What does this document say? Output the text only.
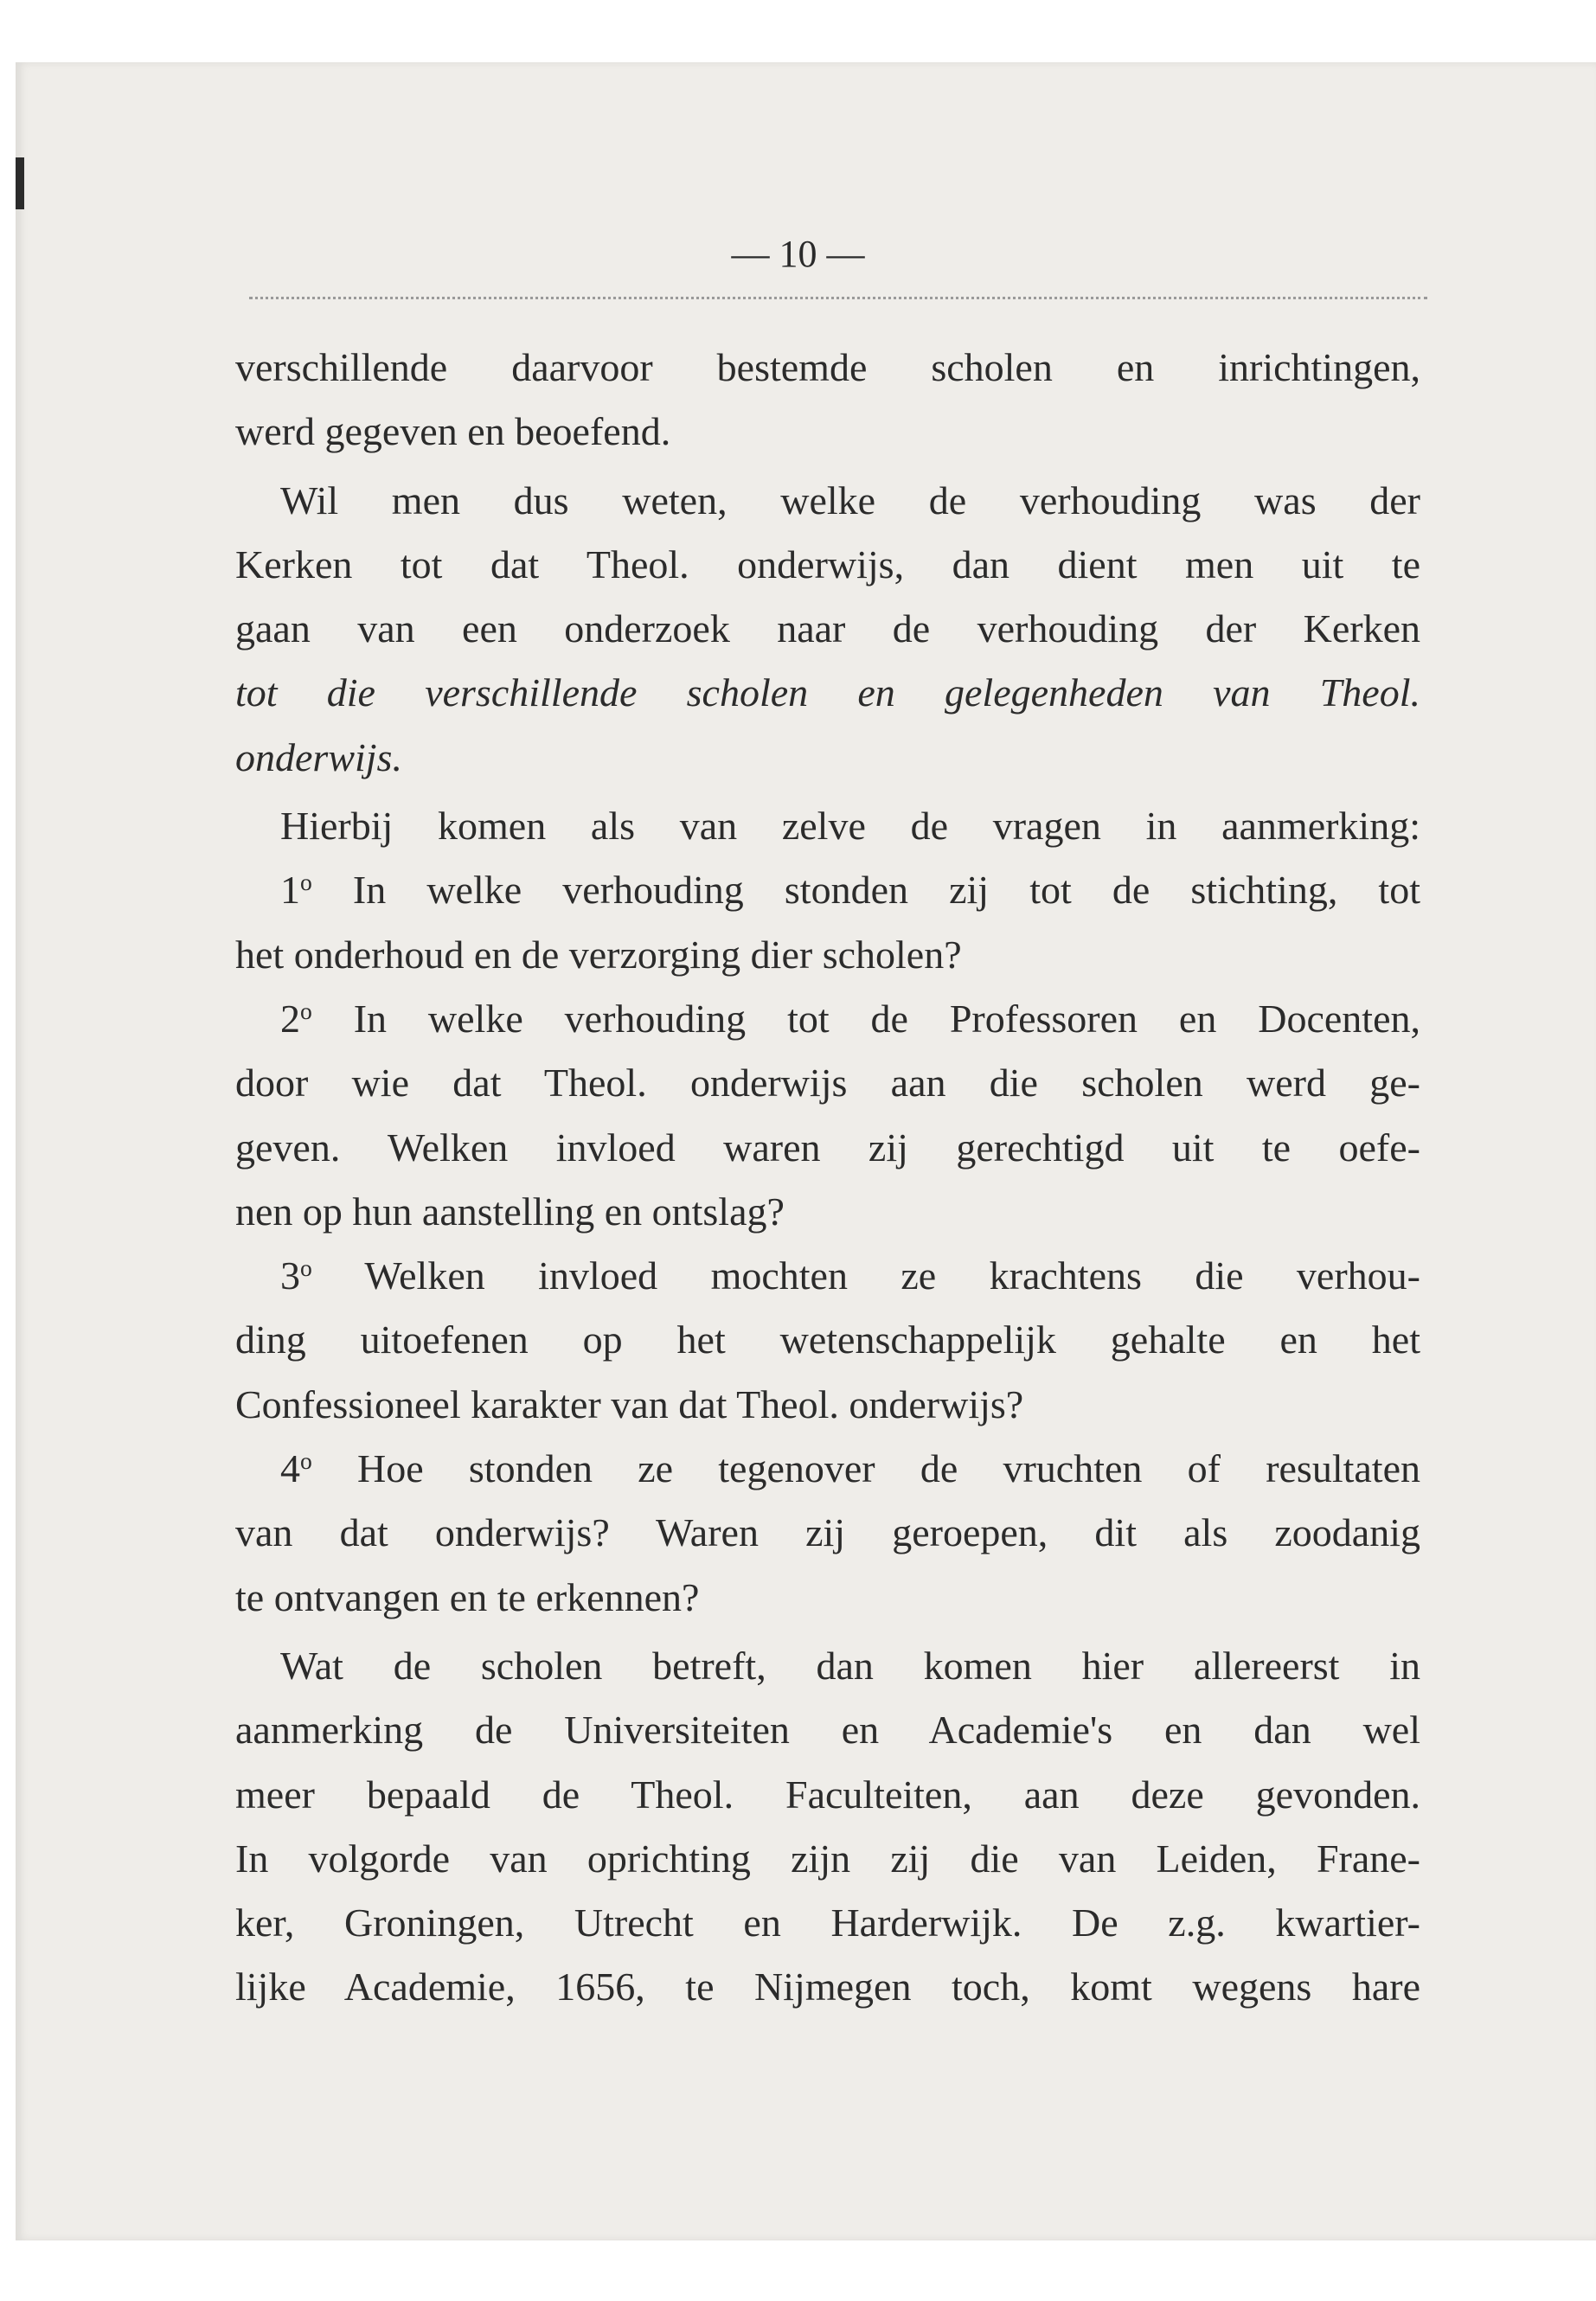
— 10 —
verschillende daarvoor bestemde scholen en inrichtingen,
werd gegeven en beoefend.
Wil men dus weten, welke de verhouding was der
Kerken tot dat Theol. onderwijs, dan dient men uit te
gaan van een onderzoek naar de verhouding der Kerken
tot die verschillende scholen en gelegenheden van Theol.
onderwijs.
Hierbij komen als van zelve de vragen in aanmerking:
1$^o$ In welke verhouding stonden zij tot de stichting, tot
het onderhoud en de verzorging dier scholen?
2$^o$ In welke verhouding tot de Professoren en Docenten,
door wie dat Theol. onderwijs aan die scholen werd ge-
geven. Welken invloed waren zij gerechtigd uit te oefe-
nen op hun aanstelling en ontslag?
3$^o$ Welken invloed mochten ze krachtens die verhou-
ding uitoefenen op het wetenschappelijk gehalte en het
Confessioneel karakter van dat Theol. onderwijs?
4$^o$ Hoe stonden ze tegenover de vruchten of resultaten
van dat onderwijs? Waren zij geroepen, dit als zoodanig
te ontvangen en te erkennen?
Wat de scholen betreft, dan komen hier allereerst in
aanmerking de Universiteiten en Academie's en dan wel
meer bepaald de Theol. Faculteiten, aan deze gevonden.
In volgorde van oprichting zijn zij die van Leiden, Frane-
ker, Groningen, Utrecht en Harderwijk. De z.g. kwartier-
lijke Academie, 1656, te Nijmegen toch, komt wegens hare
